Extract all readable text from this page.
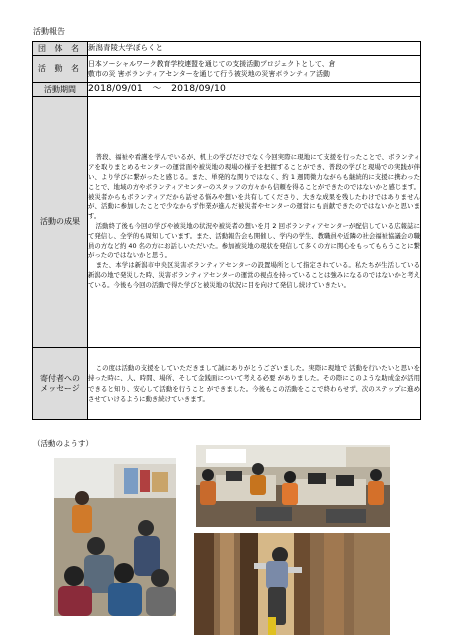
活動報告
団 体 名	新潟青陵大学ぼらくと
活 動 名	日本ソーシャルワーク教育学校連盟を通じての支援活動プロジェクトとして、倉
敷市の災 害ボランティアセンターを通じて行う被災地の災害ボランティア活動

活動期間	2018/09/01　～　2018/09/10
活動の成果	普段、福祉や看護を学んでいるが、机上の学びだけでなく今回実際に現地にて支援を行ったことで、ボランティアを取りまとめるセンターの運営面や被災地の現場の様子を把握することができ、普段の学びと現場での実践が伴い、より学びに繋がったと感じる。また、単発的な関りではなく、約 1 週間微力ながらも継続的に支援に携わったことで、地域の方やボランティアセンターのスタッフの方々から信頼を得ることができたのではないかと感じます。被災者からもボランティアだから話せる悩みや想いを共有してくださり、大きな成果を残したわけではありませんが、活動に参加したことで少なからず作業が進んだ被災者やセンターの運営にも貢献できたのではないかと思います。

活動終了後も今回の学びや被災地の状況や被災者の想いを月 2 回ボランティアセンターが配信している広報誌にて発信し、全学的も周知しています。また、活動報告会も開催し、学内の学生、教職員や近隣の社会福祉協議会の職員の方など約 40 名の方にお話しいただいた。参加被災地の現状を発信して多くの方に関心をもってもらうことに繋がったのではないかと思う。

また、本学は新潟市中央区災害ボランティアセンターの設置場所として指定されている。私たちが生活している新潟の地で発災した時、災害ボランティアセンターの運営の視点を持っていることは強みになるのではないかと考えている。今後も今回の活動で得た学びと被災地の状況に目を向けて発信し続けていきたい。

寄付者への
メッセージ	この度は活動の支援をしていただきまして誠にありがとうございました。実際に現地で 活動を行いたいと思いを持った時に、人、時間、場所、そして金銭面について考える必要 がありました。その際にこのような助成金が活用できると知り、安心して活動を行うこと ができました。今後もこの活動をここで終わらせず、次のステップに進めさせていけるように動き続けていきます。

（活動のようす）
